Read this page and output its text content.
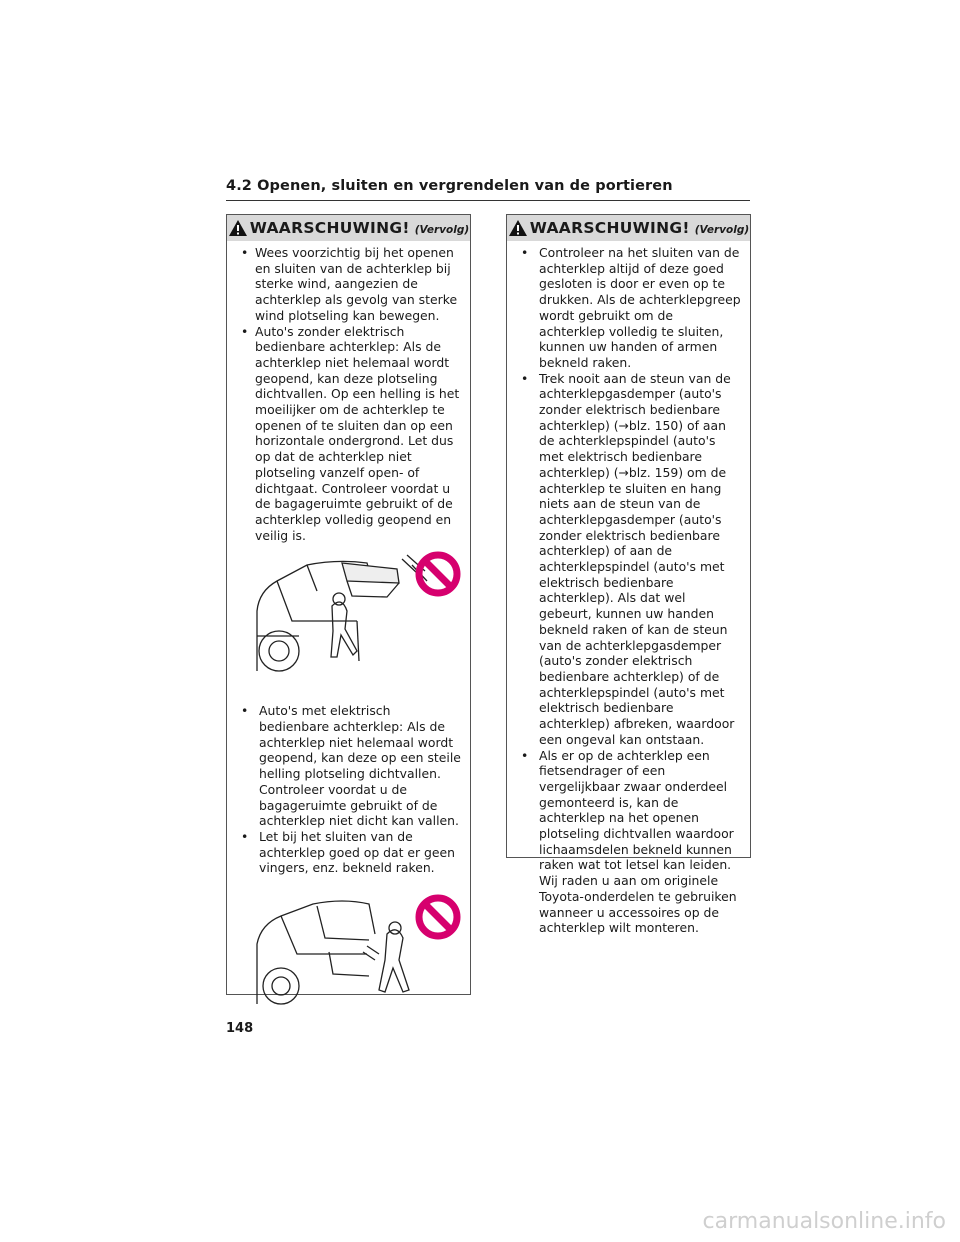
4.2 Openen, sluiten en vergrendelen van de portieren
WAARSCHUWING! (Vervolg)
• Wees voorzichtig bij het openen en sluiten van de achterklep bij sterke wind, aangezien de achterklep als gevolg van sterke wind plotseling kan bewegen.
• Auto's zonder elektrisch bedienbare achterklep: Als de achterklep niet helemaal wordt geopend, kan deze plotseling dichtvallen. Op een helling is het moeilijker om de achterklep te openen of te sluiten dan op een horizontale ondergrond. Let dus op dat de achterklep niet plotseling vanzelf open- of dichtgaat. Controleer voordat u de bagageruimte gebruikt of de achterklep volledig geopend en veilig is.
• Auto's met elektrisch bedienbare achterklep: Als de achterklep niet helemaal wordt geopend, kan deze op een steile helling plotseling dichtvallen. Controleer voordat u de bagageruimte gebruikt of de achterklep niet dicht kan vallen.
• Let bij het sluiten van de achterklep goed op dat er geen vingers, enz. bekneld raken.
WAARSCHUWING! (Vervolg)
• Controleer na het sluiten van de achterklep altijd of deze goed gesloten is door er even op te drukken. Als de achterklepgreep wordt gebruikt om de achterklep volledig te sluiten, kunnen uw handen of armen bekneld raken.
• Trek nooit aan de steun van de achterklepgasdemper (auto's zonder elektrisch bedienbare achterklep) (→blz. 150) of aan de achterklepspindel (auto's met elektrisch bedienbare achterklep) (→blz. 159) om de achterklep te sluiten en hang niets aan de steun van de achterklepgasdemper (auto's zonder elektrisch bedienbare achterklep) of aan de achterklepspindel (auto's met elektrisch bedienbare achterklep). Als dat wel gebeurt, kunnen uw handen bekneld raken of kan de steun van de achterklepgasdemper (auto's zonder elektrisch bedienbare achterklep) of de achterklepspindel (auto's met elektrisch bedienbare achterklep) afbreken, waardoor een ongeval kan ontstaan.
• Als er op de achterklep een fietsendrager of een vergelijkbaar zwaar onderdeel gemonteerd is, kan de achterklep na het openen plotseling dichtvallen waardoor lichaamsdelen bekneld kunnen raken wat tot letsel kan leiden. Wij raden u aan om originele Toyota-onderdelen te gebruiken wanneer u accessoires op de achterklep wilt monteren.
148
carmanualsonline.info
